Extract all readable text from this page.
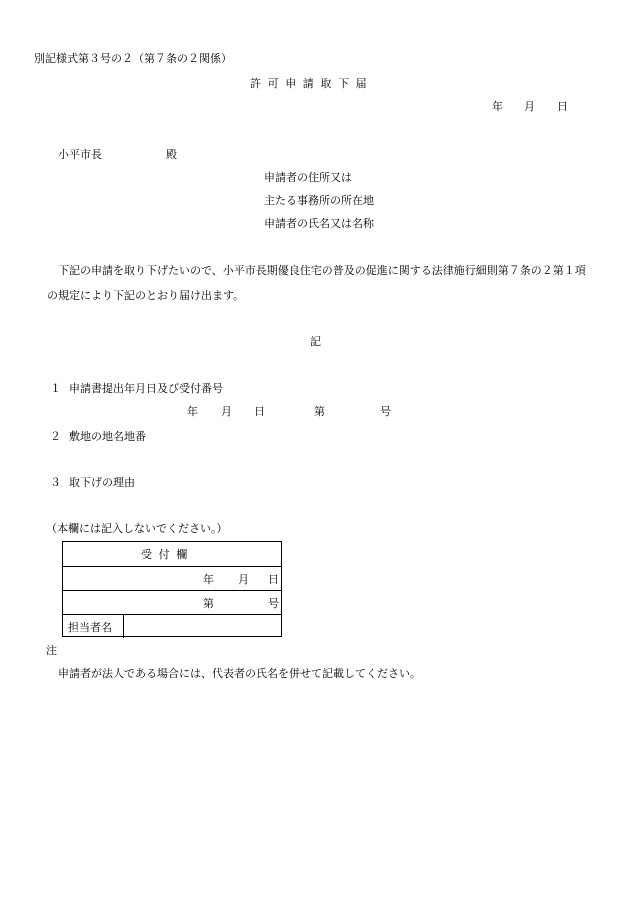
別記様式第３号の２（第７条の２関係）
許可申請取下届
年 月 日
小平市長	殿
申請者の住所又は
主たる事務所の所在地
申請者の氏名又は名称
下記の申請を取り下げたいので、小平市長期優良住宅の普及の促進に関する法律施行細則第７条の２第１項
の規定により下記のとおり届け出ます。
記
１ 申請書提出年月日及び受付番号
年 月 日	第	号
２ 敷地の地名地番
３ 取下げの理由
（本欄には記入しないでください。）
受付欄
年 月 日
第	号
担当者名
注
申請者が法人である場合には、代表者の氏名を併せて記載してください。
